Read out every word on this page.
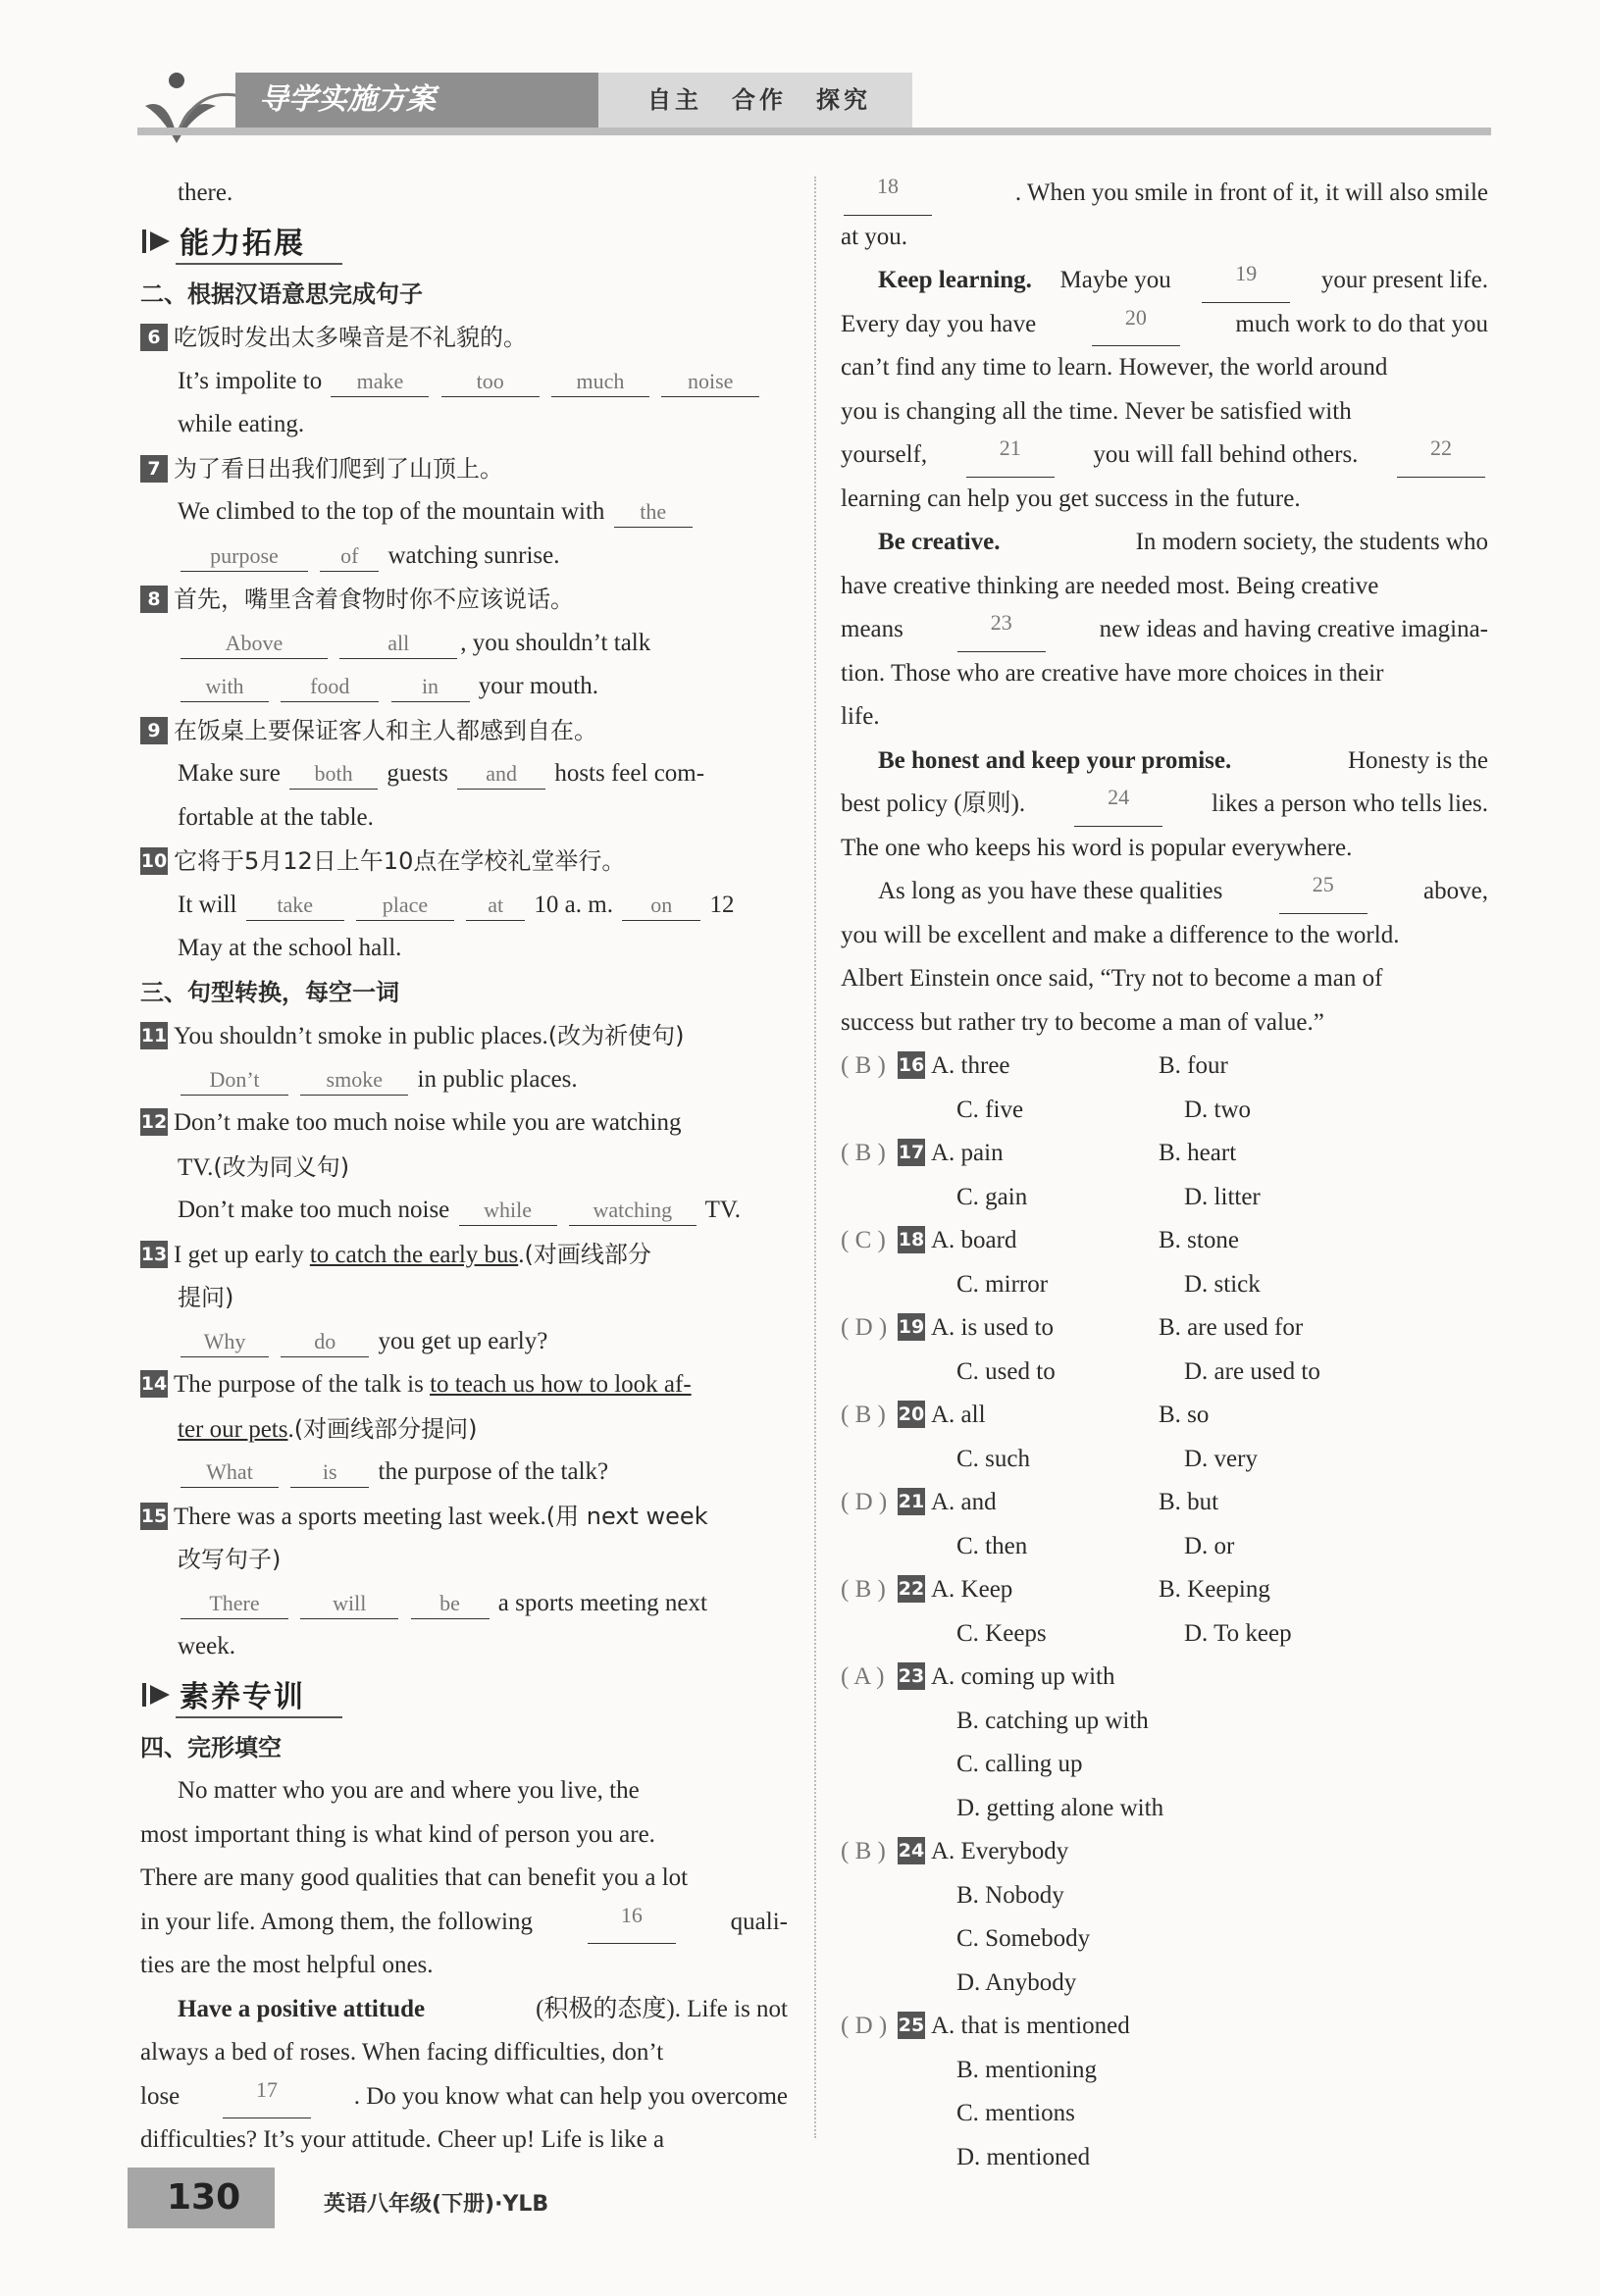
导学实施方案	自主 合作 探究
there.
能力拓展
二、根据汉语意思完成句子
6 吃饭时发出太多噪音是不礼貌的。
It’s impolite to make	too	much	noise
while eating.
7 为了看日出我们爬到了山顶上。
We climbed to the top of the mountain with the
purpose	of watching sunrise.
8 首先，嘴里含着食物时你不应该说话。
Above	all , you shouldn’t talk
with	food	in your mouth.
9 在饭桌上要保证客人和主人都感到自在。
Make sure both guests and hosts feel com-
fortable at the table.
10 它将于5月12日上午10点在学校礼堂举行。
It will take	place	at 10 a. m. on 12
May at the school hall.
三、句型转换，每空一词
11 You shouldn’t smoke in public places.(改为祈使句)
Don’t	smoke in public places.
12 Don’t make too much noise while you are watching
TV.(改为同义句)
Don’t make too much noise while	watching TV.
13 I get up early to catch the early bus.(对画线部分
提问)
Why	do you get up early?
14 The purpose of the talk is to teach us how to look af-
ter our pets.(对画线部分提问)
What	is the purpose of the talk?
15 There was a sports meeting last week.(用 next week
改写句子)
There	will	be a sports meeting next
week.
素养专训
四、完形填空
No matter who you are and where you live, the
most important thing is what kind of person you are.
There are many good qualities that can benefit you a lot
in your life. Among them, the following	16	quali-
ties are the most helpful ones.
Have a positive attitude	(积极的态度). Life is not
always a bed of roses. When facing difficulties, don’t
lose	17	. Do you know what can help you overcome
difficulties? It’s your attitude. Cheer up! Life is like a
18	. When you smile in front of it, it will also smile
at you.
Keep learning. Maybe you	19	your present life.
Every day you have	20	much work to do that you
can’t find any time to learn. However, the world around
you is changing all the time. Never be satisfied with
yourself,	21	you will fall behind others.	22
learning can help you get success in the future.
Be creative.	In modern society, the students who
have creative thinking are needed most. Being creative
means	23	new ideas and having creative imagina-
tion. Those who are creative have more choices in their
life.
Be honest and keep your promise.	Honesty is the
best policy (原则).	24	likes a person who tells lies.
The one who keeps his word is popular everywhere.
As long as you have these qualities	25	above,
you will be excellent and make a difference to the world.
Albert Einstein once said, “Try not to become a man of
success but rather try to become a man of value.”
( B ) 16 A. three	B. four
C. five	D. two
( B ) 17 A. pain	B. heart
C. gain	D. litter
( C ) 18 A. board	B. stone
C. mirror	D. stick
( D ) 19 A. is used to	B. are used for
C. used to	D. are used to
( B ) 20 A. all	B. so
C. such	D. very
( D ) 21 A. and	B. but
C. then	D. or
( B ) 22 A. Keep	B. Keeping
C. Keeps	D. To keep
( A ) 23 A. coming up with
B. catching up with
C. calling up
D. getting alone with
( B ) 24 A. Everybody
B. Nobody
C. Somebody
D. Anybody
( D ) 25 A. that is mentioned
B. mentioning
C. mentions
D. mentioned
130	英语八年级(下册)·YLB
